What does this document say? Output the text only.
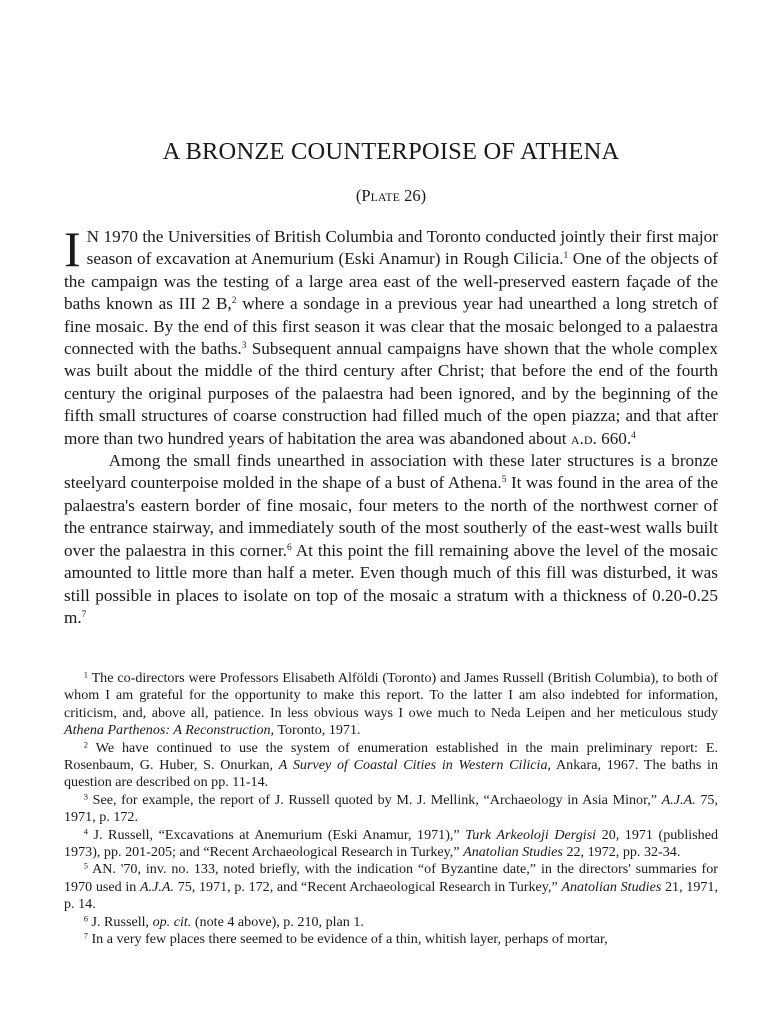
A BRONZE COUNTERPOISE OF ATHENA
(Plate 26)

I N 1970 the Universities of British Columbia and Toronto conducted jointly their first major season of excavation at Anemurium (Eski Anamur) in Rough Cilicia.$^1$ One of the objects of the campaign was the testing of a large area east of the well-preserved eastern façade of the baths known as III 2 B,$^2$ where a sondage in a previous year had unearthed a long stretch of fine mosaic. By the end of this first season it was clear that the mosaic belonged to a palaestra connected with the baths.$^3$ Subsequent annual campaigns have shown that the whole complex was built about the middle of the third century after Christ; that before the end of the fourth century the original purposes of the palaestra had been ignored, and by the beginning of the fifth small structures of coarse construction had filled much of the open piazza; and that after more than two hundred years of habitation the area was abandoned about a.d. 660.$^4$

Among the small finds unearthed in association with these later structures is a bronze steelyard counterpoise molded in the shape of a bust of Athena.$^5$ It was found in the area of the palaestra's eastern border of fine mosaic, four meters to the north of the northwest corner of the entrance stairway, and immediately south of the most southerly of the east-west walls built over the palaestra in this corner.$^6$ At this point the fill remaining above the level of the mosaic amounted to little more than half a meter. Even though much of this fill was disturbed, it was still possible in places to isolate on top of the mosaic a stratum with a thickness of 0.20-0.25 m.$^7$

$^1$ The co-directors were Professors Elisabeth Alföldi (Toronto) and James Russell (British Columbia), to both of whom I am grateful for the opportunity to make this report. To the latter I am also indebted for information, criticism, and, above all, patience. In less obvious ways I owe much to Neda Leipen and her meticulous study Athena Parthenos: A Reconstruction, Toronto, 1971.

$^2$ We have continued to use the system of enumeration established in the main preliminary report: E. Rosenbaum, G. Huber, S. Onurkan, A Survey of Coastal Cities in Western Cilicia, Ankara, 1967. The baths in question are described on pp. 11-14.

$^3$ See, for example, the report of J. Russell quoted by M. J. Mellink, “Archaeology in Asia Minor,” A.J.A. 75, 1971, p. 172.

$^4$ J. Russell, “Excavations at Anemurium (Eski Anamur, 1971),” Turk Arkeoloji Dergisi 20, 1971 (published 1973), pp. 201-205; and “Recent Archaeological Research in Turkey,” Anatolian Studies 22, 1972, pp. 32-34.

$^5$ AN. '70, inv. no. 133, noted briefly, with the indication “of Byzantine date,” in the directors' summaries for 1970 used in A.J.A. 75, 1971, p. 172, and “Recent Archaeological Research in Turkey,” Anatolian Studies 21, 1971, p. 14.

$^6$ J. Russell, op. cit. (note 4 above), p. 210, plan 1.

$^7$ In a very few places there seemed to be evidence of a thin, whitish layer, perhaps of mortar,
